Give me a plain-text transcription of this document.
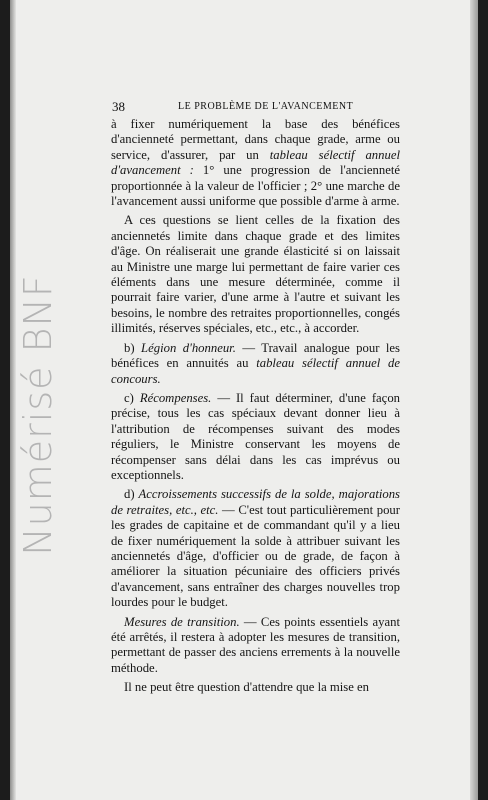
Numérisé BNF
38	LE PROBLÈME DE L'AVANCEMENT

à fixer numériquement la base des bénéfices d'ancienneté permettant, dans chaque grade, arme ou service, d'assurer, par un tableau sélectif annuel d'avancement : 1° une progression de l'ancienneté proportionnée à la valeur de l'officier ; 2° une marche de l'avancement aussi uniforme que possible d'arme à arme.

A ces questions se lient celles de la fixation des anciennetés limite dans chaque grade et des limites d'âge. On réaliserait une grande élasticité si on laissait au Ministre une marge lui permettant de faire varier ces éléments dans une mesure déterminée, comme il pourrait faire varier, d'une arme à l'autre et suivant les besoins, le nombre des retraites proportionnelles, congés illimités, réserves spéciales, etc., etc., à accorder.

b) Légion d'honneur. — Travail analogue pour les bénéfices en annuités au tableau sélectif annuel de concours.

c) Récompenses. — Il faut déterminer, d'une façon précise, tous les cas spéciaux devant donner lieu à l'attribution de récompenses suivant des modes réguliers, le Ministre conservant les moyens de récompenser sans délai dans les cas imprévus ou exceptionnels.

d) Accroissements successifs de la solde, majorations de retraites, etc., etc. — C'est tout particulièrement pour les grades de capitaine et de commandant qu'il y a lieu de fixer numériquement la solde à attribuer suivant les anciennetés d'âge, d'officier ou de grade, de façon à améliorer la situation pécuniaire des officiers privés d'avancement, sans entraîner des charges nouvelles trop lourdes pour le budget.

Mesures de transition. — Ces points essentiels ayant été arrêtés, il restera à adopter les mesures de transition, permettant de passer des anciens errements à la nouvelle méthode.

Il ne peut être question d'attendre que la mise en
